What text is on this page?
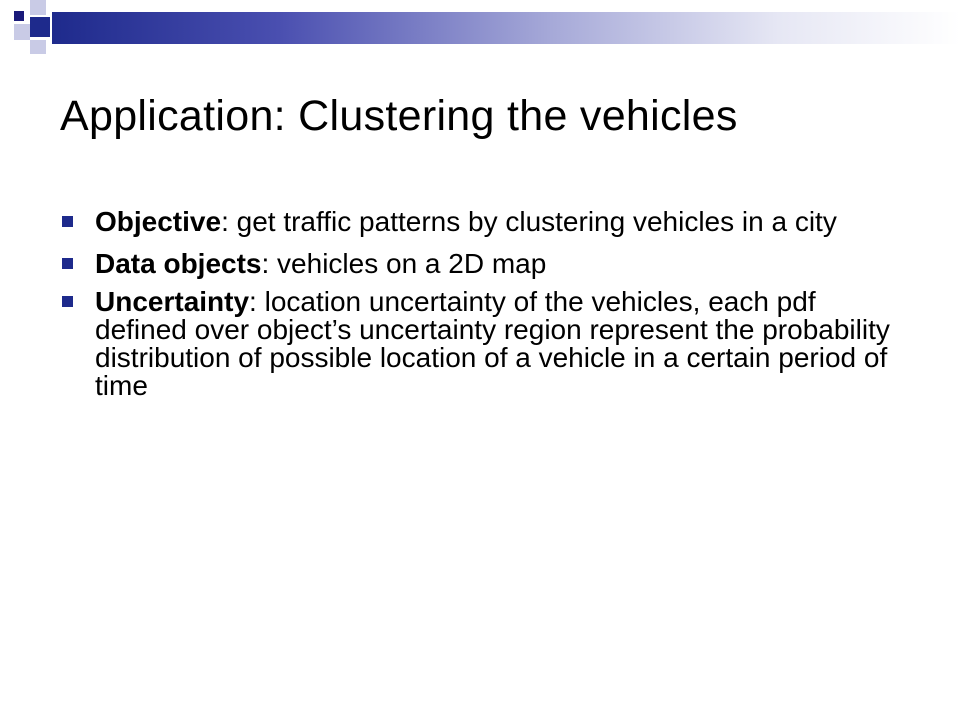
Application: Clustering the vehicles
Objective: get traffic patterns by clustering vehicles in a city
Data objects: vehicles on a 2D map
Uncertainty: location uncertainty of the vehicles, each pdf defined over object’s uncertainty region represent the probability distribution of possible location of a vehicle in a certain period of time
